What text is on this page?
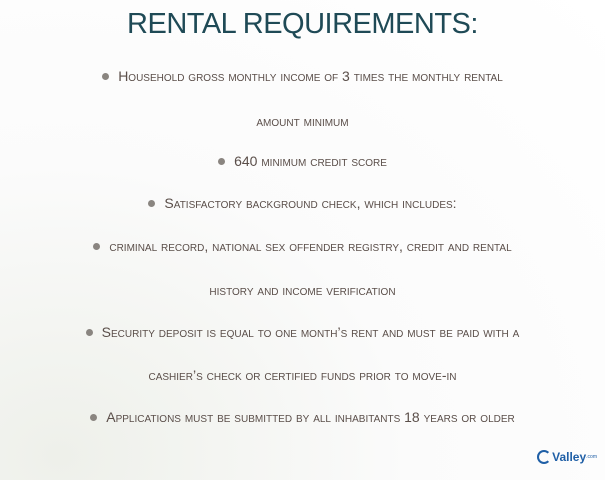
RENTAL REQUIREMENTS:
Household gross monthly income of 3 times the monthly rental
amount minimum
640 minimum credit score
Satisfactory background check, which includes:
criminal record, national sex offender registry, credit and rental
history and income verification
Security deposit is equal to one month’s rent and must be paid with a
cashier’s check or certified funds prior to move-in
Applications must be submitted by all inhabitants 18 years or older
Valley .com
